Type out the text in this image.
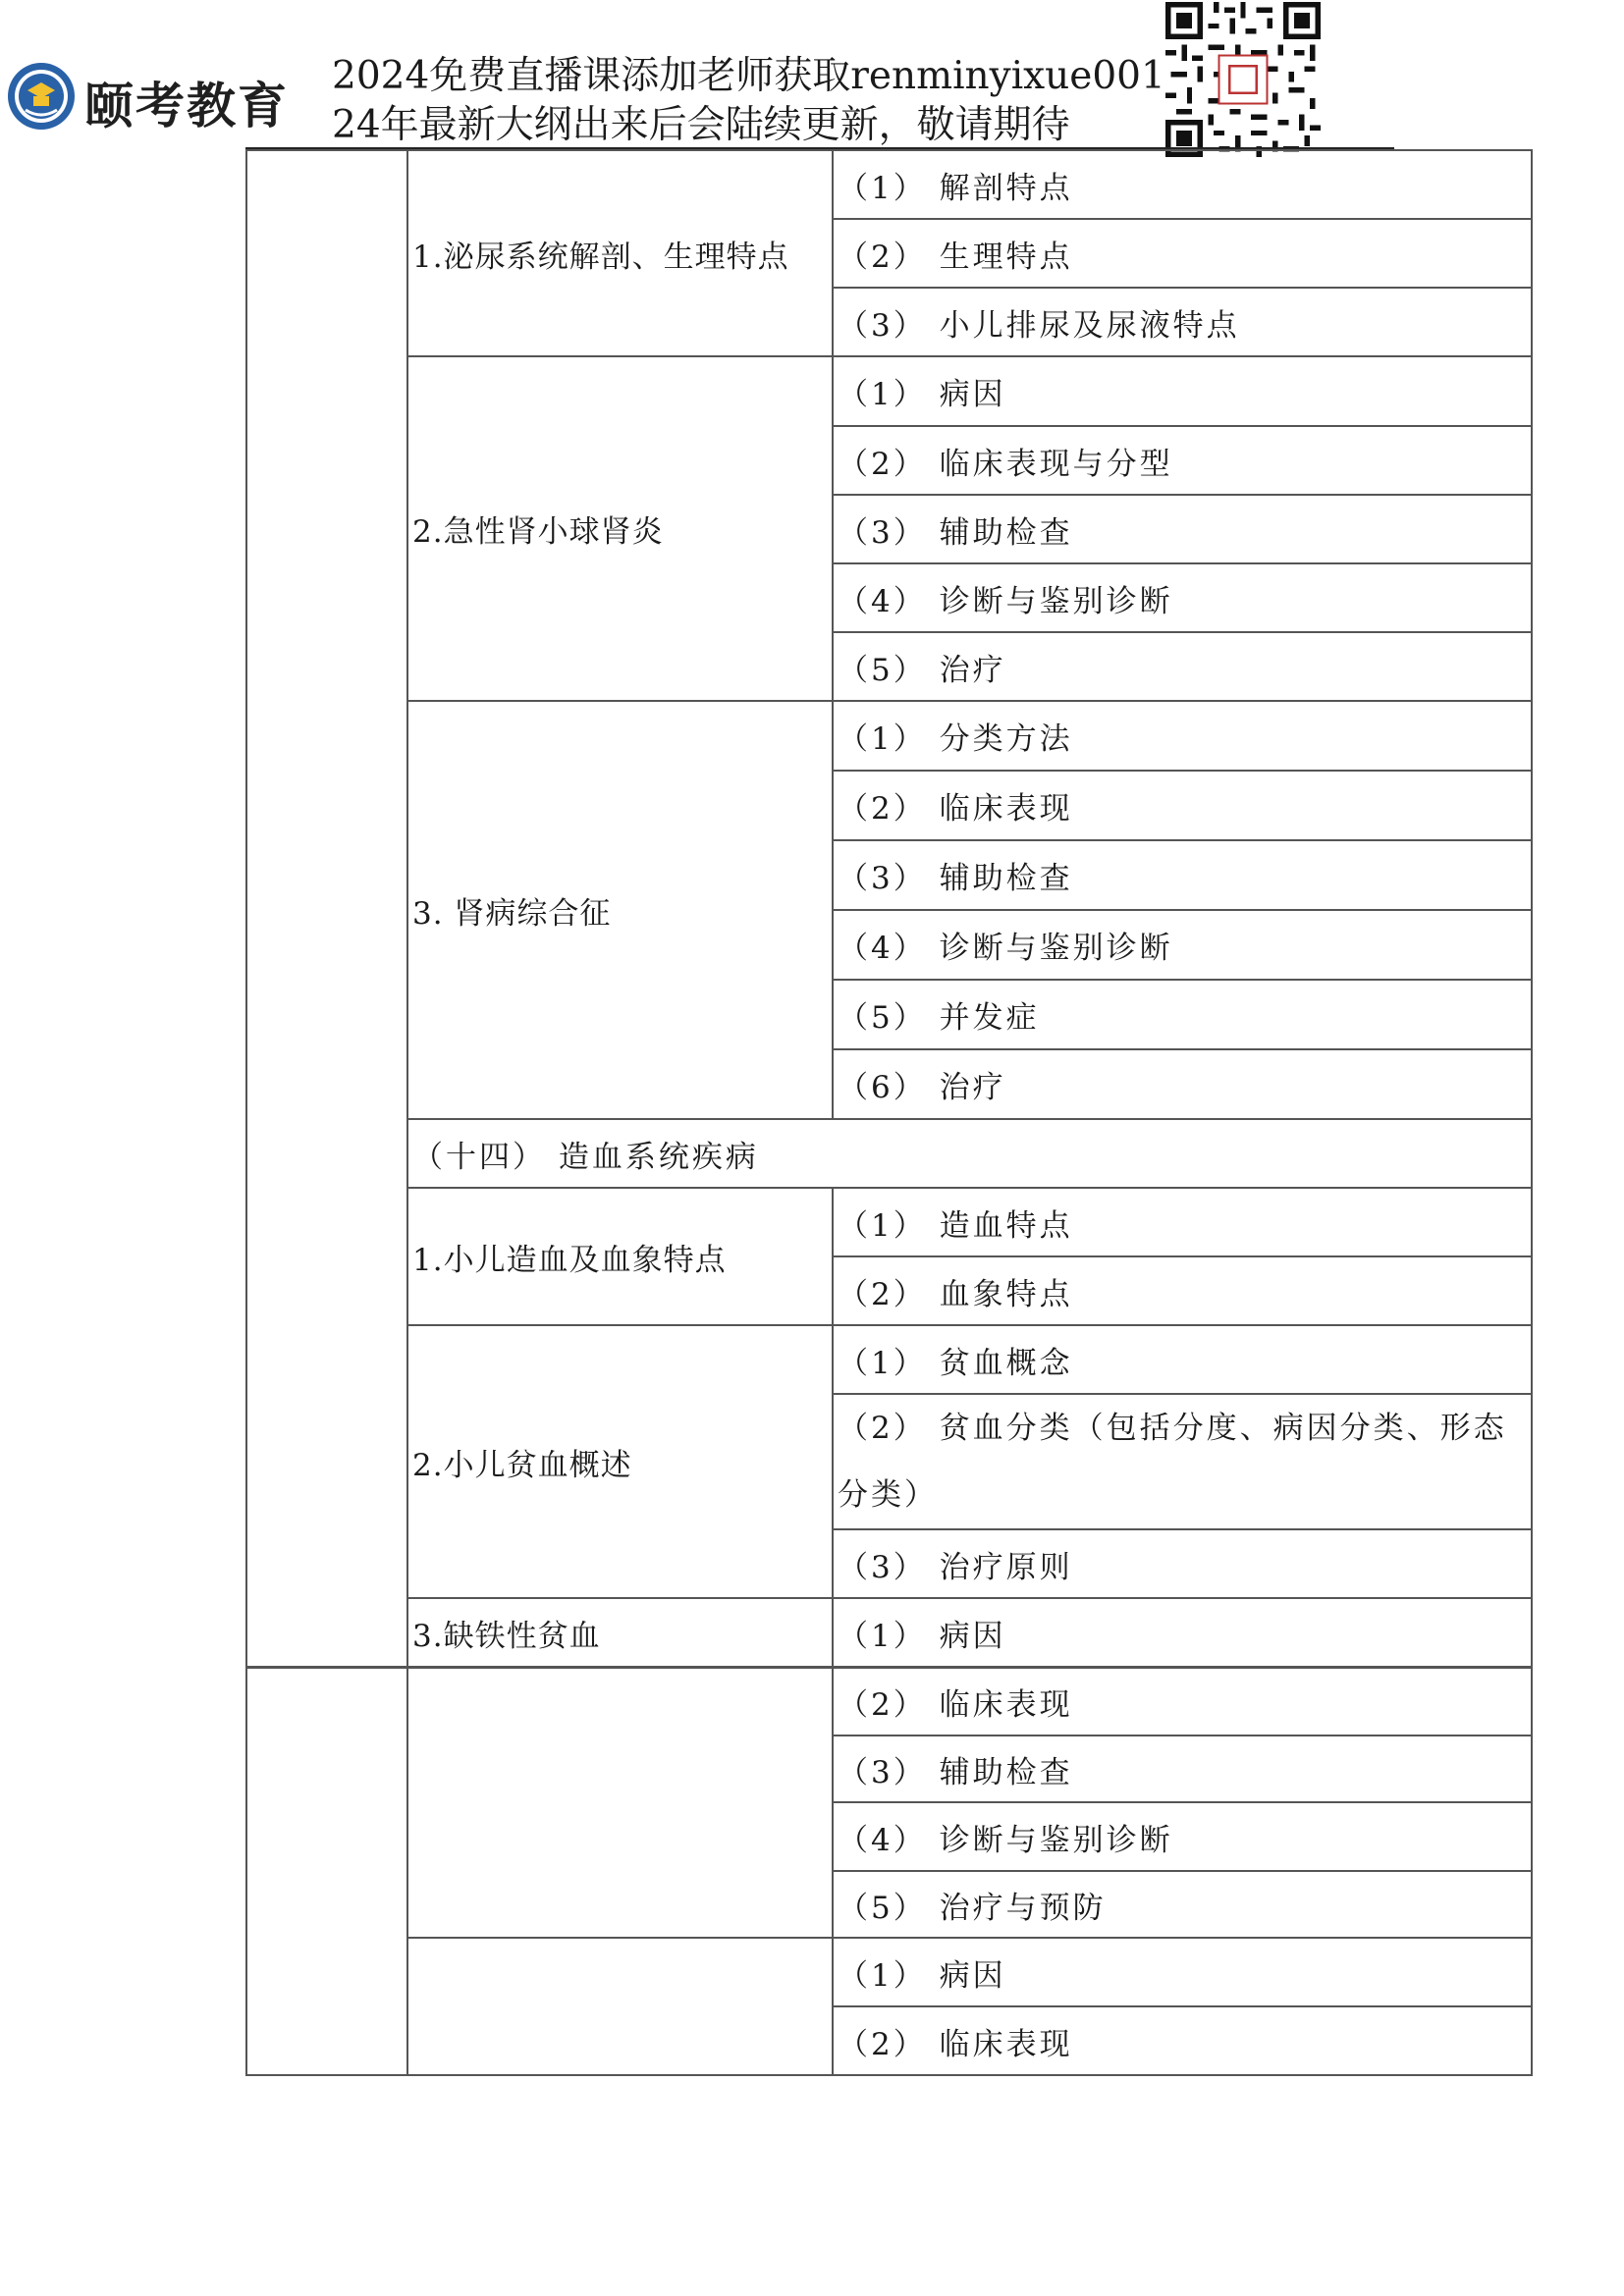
颐考教育
2024免费直播课添加老师获取renminyixue001
24年最新大纲出来后会陆续更新，敬请期待
	1.泌尿系统解剖、生理特点	（1） 解剖特点
		（2） 生理特点
		（3） 小儿排尿及尿液特点
	2.急性肾小球肾炎	（1） 病因
		（2） 临床表现与分型
		（3） 辅助检查
		（4） 诊断与鉴别诊断
		（5） 治疗
	3. 肾病综合征	（1） 分类方法
		（2） 临床表现
		（3） 辅助检查
		（4） 诊断与鉴别诊断
		（5） 并发症
		（6） 治疗
	（十四） 造血系统疾病	
	1.小儿造血及血象特点	（1） 造血特点
		（2） 血象特点
	2.小儿贫血概述	（1） 贫血概念
		（2） 贫血分类（包括分度、病因分类、形态分类）
		（3） 治疗原则
	3.缺铁性贫血	（1） 病因
		（2） 临床表现
		（3） 辅助检查
		（4） 诊断与鉴别诊断
		（5） 治疗与预防
		（1） 病因
		（2） 临床表现
